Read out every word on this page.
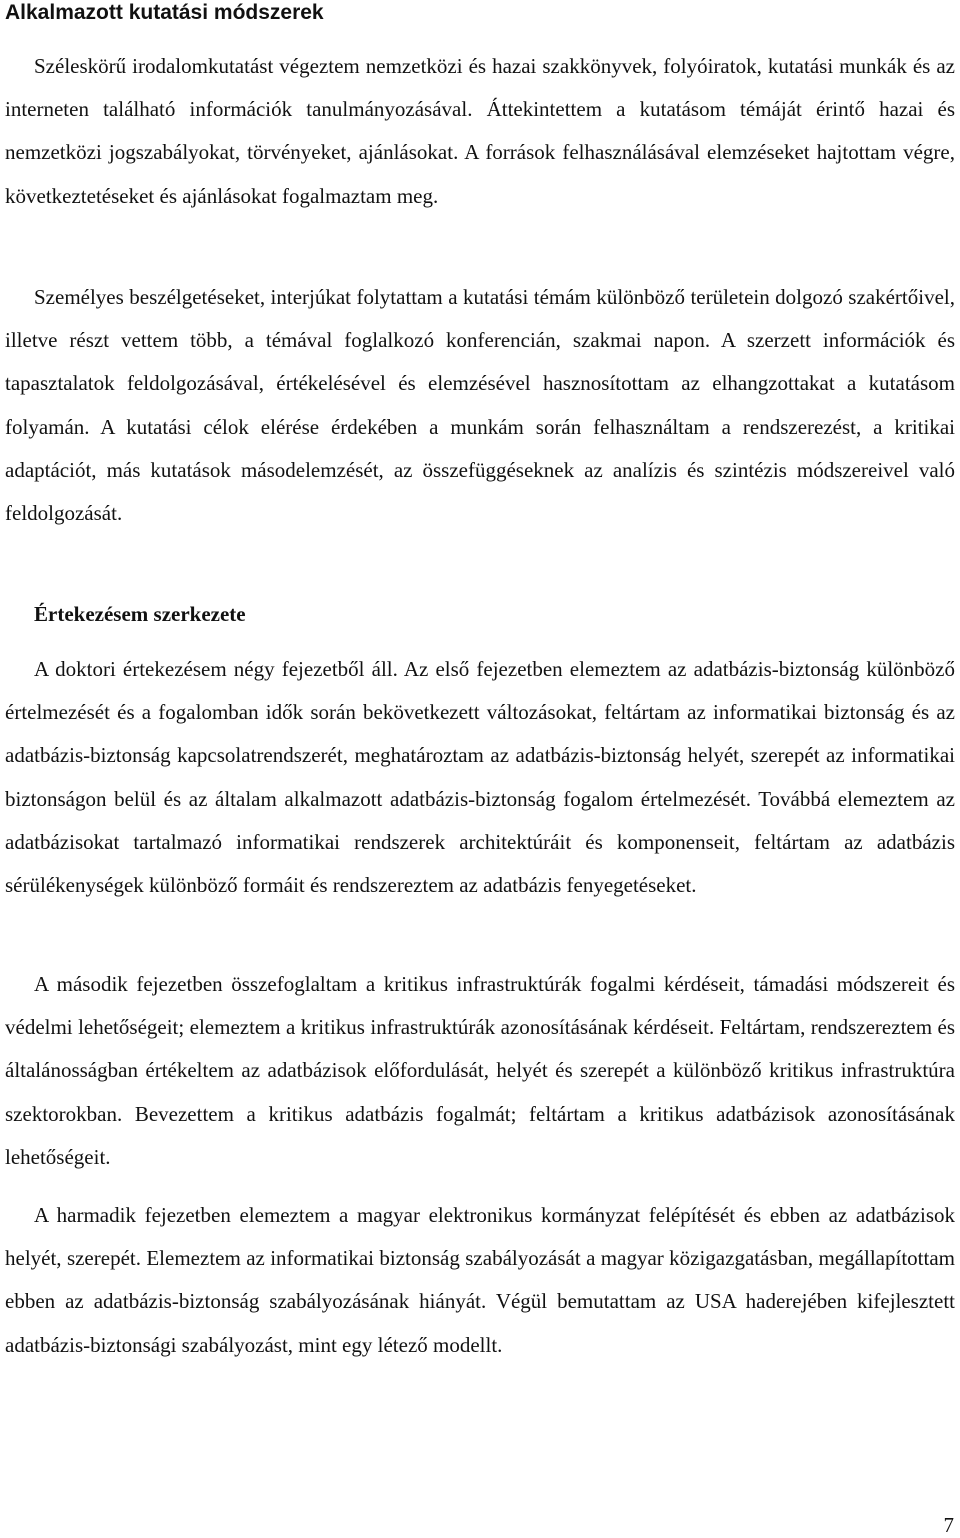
Alkalmazott kutatási módszerek

Széleskörű irodalomkutatást végeztem nemzetközi és hazai szakkönyvek, folyóiratok, kutatási munkák és az interneten található információk tanulmányozásával. Áttekintettem a kutatásom témáját érintő hazai és nemzetközi jogszabályokat, törvényeket, ajánlásokat. A források felhasználásával elemzéseket hajtottam végre, következtetéseket és ajánlásokat fogalmaztam meg.

Személyes beszélgetéseket, interjúkat folytattam a kutatási témám különböző területein dolgozó szakértőivel, illetve részt vettem több, a témával foglalkozó konferencián, szakmai napon. A szerzett információk és tapasztalatok feldolgozásával, értékelésével és elemzésével hasznosítottam az elhangzottakat a kutatásom folyamán. A kutatási célok elérése érdekében a munkám során felhasználtam a rendszerezést, a kritikai adaptációt, más kutatások másodelemzését, az összefüggéseknek az analízis és szintézis módszereivel való feldolgozását.

Értekezésem szerkezete

A doktori értekezésem négy fejezetből áll. Az első fejezetben elemeztem az adatbázis-biztonság különböző értelmezését és a fogalomban idők során bekövetkezett változásokat, feltártam az informatikai biztonság és az adatbázis-biztonság kapcsolatrendszerét, meghatároztam az adatbázis-biztonság helyét, szerepét az informatikai biztonságon belül és az általam alkalmazott adatbázis-biztonság fogalom értelmezését. Továbbá elemeztem az adatbázisokat tartalmazó informatikai rendszerek architektúráit és komponenseit, feltártam az adatbázis sérülékenységek különböző formáit és rendszereztem az adatbázis fenyegetéseket.

A második fejezetben összefoglaltam a kritikus infrastruktúrák fogalmi kérdéseit, támadási módszereit és védelmi lehetőségeit; elemeztem a kritikus infrastruktúrák azonosításának kérdéseit. Feltártam, rendszereztem és általánosságban értékeltem az adatbázisok előfordulását, helyét és szerepét a különböző kritikus infrastruktúra szektorokban. Bevezettem a kritikus adatbázis fogalmát; feltártam a kritikus adatbázisok azonosításának lehetőségeit.

A harmadik fejezetben elemeztem a magyar elektronikus kormányzat felépítését és ebben az adatbázisok helyét, szerepét. Elemeztem az informatikai biztonság szabályozását a magyar közigazgatásban, megállapítottam ebben az adatbázis-biztonság szabályozásának hiányát. Végül bemutattam az USA haderejében kifejlesztett adatbázis-biztonsági szabályozást, mint egy létező modellt.

7
